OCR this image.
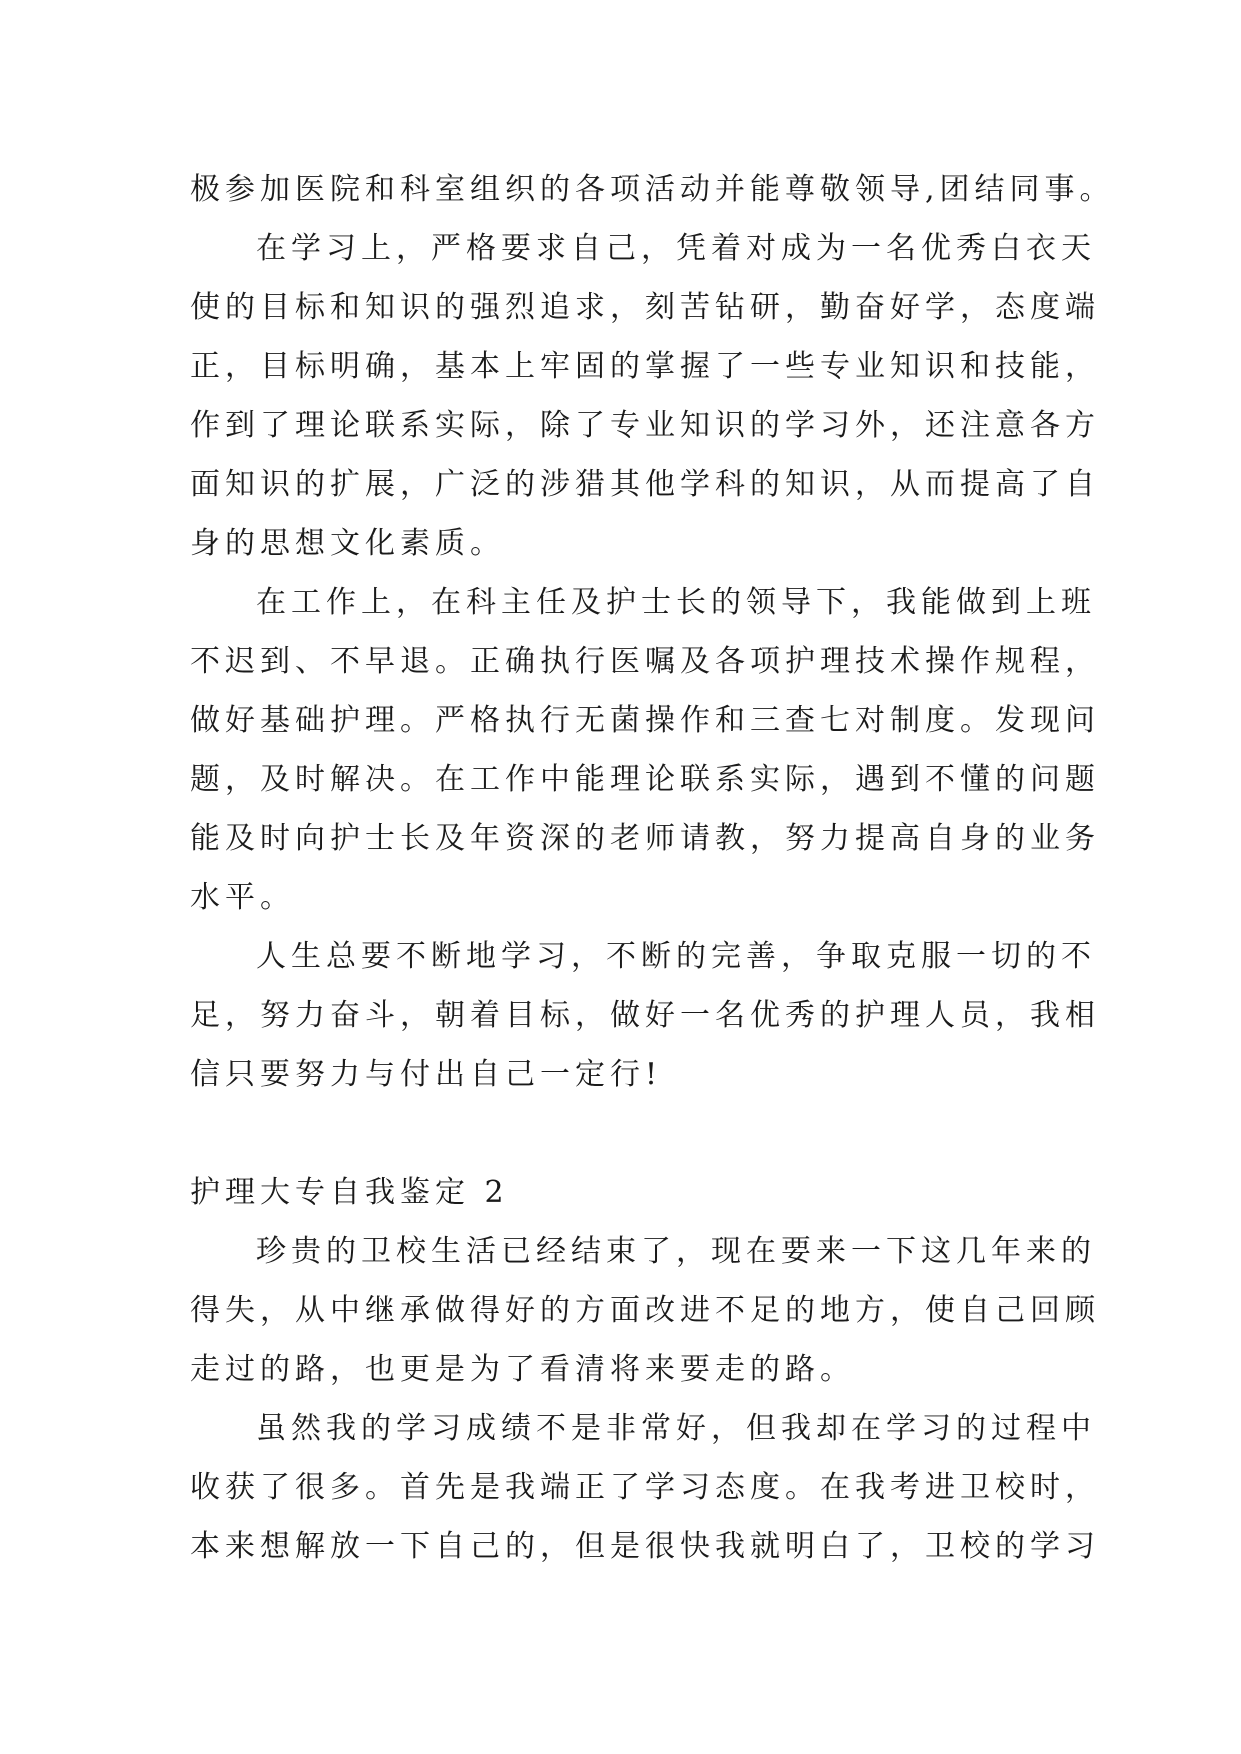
极参加医院和科室组织的各项活动并能尊敬领导,团结同事。
在学习上，严格要求自己，凭着对成为一名优秀白衣天
使的目标和知识的强烈追求，刻苦钻研，勤奋好学，态度端
正，目标明确，基本上牢固的掌握了一些专业知识和技能，
作到了理论联系实际，除了专业知识的学习外，还注意各方
面知识的扩展，广泛的涉猎其他学科的知识，从而提高了自
身的思想文化素质。
在工作上，在科主任及护士长的领导下，我能做到上班
不迟到、不早退。正确执行医嘱及各项护理技术操作规程，
做好基础护理。严格执行无菌操作和三查七对制度。发现问
题，及时解决。在工作中能理论联系实际，遇到不懂的问题
能及时向护士长及年资深的老师请教，努力提高自身的业务
水平。
人生总要不断地学习，不断的完善，争取克服一切的不
足，努力奋斗，朝着目标，做好一名优秀的护理人员，我相
信只要努力与付出自己一定行!
护理大专自我鉴定 2
珍贵的卫校生活已经结束了，现在要来一下这几年来的
得失，从中继承做得好的方面改进不足的地方，使自己回顾
走过的路，也更是为了看清将来要走的路。
虽然我的学习成绩不是非常好，但我却在学习的过程中
收获了很多。首先是我端正了学习态度。在我考进卫校时，
本来想解放一下自己的，但是很快我就明白了，卫校的学习
